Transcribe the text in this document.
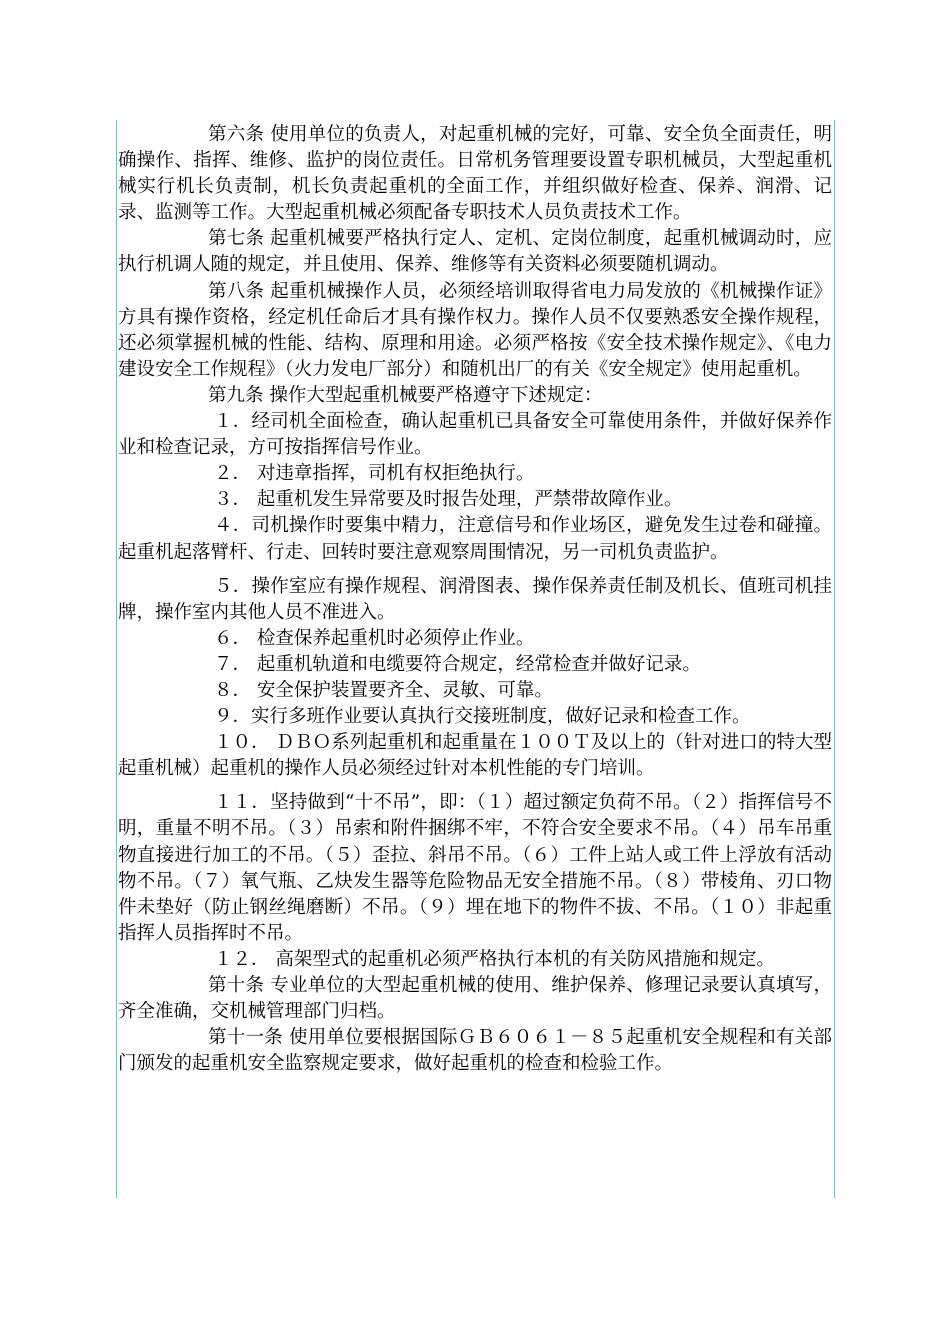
第六条 使用单位的负责人，对起重机械的完好，可靠、安全负全面责任，明确操作、指挥、维修、监护的岗位责任。日常机务管理要设置专职机械员，大型起重机械实行机长负责制，机长负责起重机的全面工作，并组织做好检查、保养、润滑、记录、监测等工作。大型起重机械必须配备专职技术人员负责技术工作。

第七条 起重机械要严格执行定人、定机、定岗位制度，起重机械调动时，应执行机调人随的规定，并且使用、保养、维修等有关资料必须要随机调动。

第八条 起重机械操作人员，必须经培训取得省电力局发放的《机械操作证》方具有操作资格，经定机任命后才具有操作权力。操作人员不仅要熟悉安全操作规程，还必须掌握机械的性能、结构、原理和用途。必须严格按《安全技术操作规定》、《电力建设安全工作规程》（火力发电厂部分）和随机出厂的有关《安全规定》使用起重机。

第九条 操作大型起重机械要严格遵守下述规定：

１．经司机全面检查，确认起重机已具备安全可靠使用条件，并做好保养作业和检查记录，方可按指挥信号作业。

２． 对违章指挥，司机有权拒绝执行。

３． 起重机发生异常要及时报告处理，严禁带故障作业。

４．司机操作时要集中精力，注意信号和作业场区，避免发生过卷和碰撞。起重机起落臂杆、行走、回转时要注意观察周围情况，另一司机负责监护。

５．操作室应有操作规程、润滑图表、操作保养责任制及机长、值班司机挂牌，操作室内其他人员不准进入。

６． 检查保养起重机时必须停止作业。

７． 起重机轨道和电缆要符合规定，经常检查并做好记录。

８． 安全保护装置要齐全、灵敏、可靠。

９．实行多班作业要认真执行交接班制度，做好记录和检查工作。

１０． ＤＢＯ系列起重机和起重量在１００Ｔ及以上的（针对进口的特大型起重机械）起重机的操作人员必须经过针对本机性能的专门培训。

１１．坚持做到“十不吊”，即：（１）超过额定负荷不吊。（２）指挥信号不明，重量不明不吊。（３）吊索和附件捆绑不牢，不符合安全要求不吊。（４）吊车吊重物直接进行加工的不吊。（５）歪拉、斜吊不吊。（６）工件上站人或工件上浮放有活动物不吊。（７）氧气瓶、乙炔发生器等危险物品无安全措施不吊。（８）带棱角、刃口物件未垫好（防止钢丝绳磨断）不吊。（９）埋在地下的物件不拔、不吊。（１０）非起重指挥人员指挥时不吊。

１２． 高架型式的起重机必须严格执行本机的有关防风措施和规定。

第十条 专业单位的大型起重机械的使用、维护保养、修理记录要认真填写，齐全准确，交机械管理部门归档。

第十一条 使用单位要根据国际ＧＢ６０６１－８５起重机安全规程和有关部门颁发的起重机安全监察规定要求，做好起重机的检查和检验工作。
